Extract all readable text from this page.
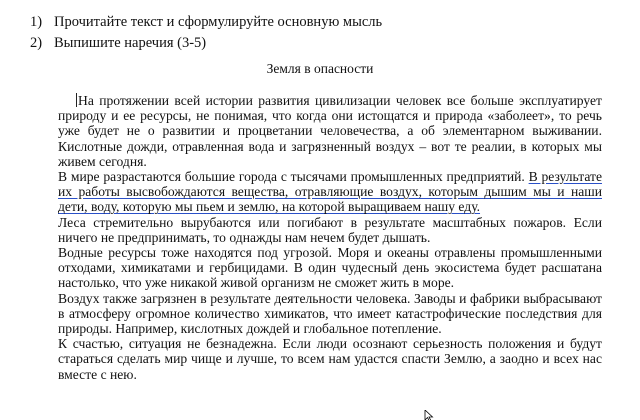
1) Прочитайте текст и сформулируйте основную мысль
2) Выпишите наречия (3-5)
Земля в опасности

На протяжении всей истории развития цивилизации человек все больше эксплуатирует природу и ее ресурсы, не понимая, что когда они истощатся и природа «заболеет», то речь уже будет не о развитии и процветании человечества, а об элементарном выживании. Кислотные дожди, отравленная вода и загрязненный воздух – вот те реалии, в которых мы живем сегодня.

В мире разрастаются большие города с тысячами промышленных предприятий. В результате их работы высвобождаются вещества, отравляющие воздух, которым дышим мы и наши дети, воду, которую мы пьем и землю, на которой выращиваем нашу еду.

Леса стремительно вырубаются или погибают в результате масштабных пожаров. Если ничего не предпринимать, то однажды нам нечем будет дышать.

Водные ресурсы тоже находятся под угрозой. Моря и океаны отравлены промышленными отходами, химикатами и гербицидами. В один чудесный день экосистема будет расшатана настолько, что уже никакой живой организм не сможет жить в море.

Воздух также загрязнен в результате деятельности человека. Заводы и фабрики выбрасывают в атмосферу огромное количество химикатов, что имеет катастрофические последствия для природы. Например, кислотных дождей и глобальное потепление.

К счастью, ситуация не безнадежна. Если люди осознают серьезность положения и будут стараться сделать мир чище и лучше, то всем нам удастся спасти Землю, а заодно и всех нас вместе с нею.
